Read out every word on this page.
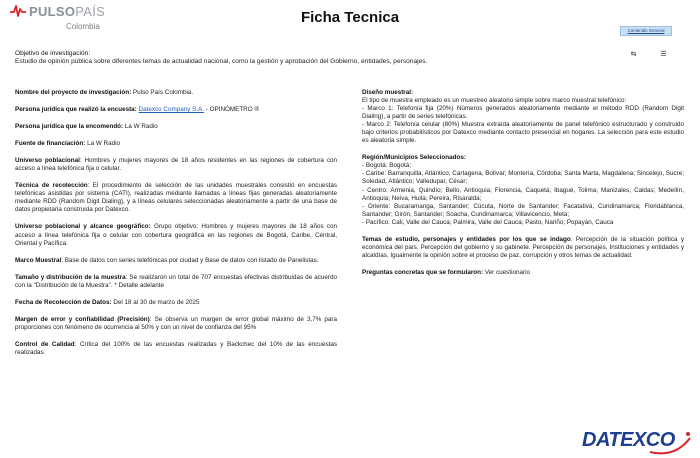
PULSOPAÍS
Colombia
Ficha Tecnica
Contenido General
⇆	☰
Objetivo de investigación:
Estudio de opinión pública sobre diferentes temas de actualidad nacional, como la gestión y aprobación del Gobierno, entidades, personajes.
Nombre del proyecto de investigación: Pulso País Colombia.
Persona jurídica que realizó la encuesta: Datexco Company S.A. - OPINÓMETRO ®
Persona jurídica que la encomendó: La W Radio
Fuente de financiación: La W Radio
Universo poblacional: Hombres y mujeres mayores de 18 años residentes en las regiones de cobertura con acceso a línea telefónica fija o celular.
Técnica de recolección: El procedimiento de selección de las unidades muestrales consistió en encuestas telefónicas asistidas por sistema (CATI), realizadas mediante llamadas a líneas fijas generadas aleatoriamente mediante RDD (Random Digit Dialing), y a líneas celulares seleccionadas aleatoriamente a partir de una base de datos propietaria construida por Datexco.
Universo poblacional y alcance geográfico: Grupo objetivo: Hombres y mujeres mayores de 18 años con acceso a línea telefónica fija o celular con cobertura geográfica en las regiones de Bogotá, Caribe, Central, Oriental y Pacífica.
Marco Muestral: Base de datos con series telefónicas por ciudad y Base de datos con listado de Panelistas.
Tamaño y distribución de la muestra: Se realizaron un total de 707 encuestas efectivas distribuidas de acuerdo con la "Distribución de la Muestra". * Detalle adelante
Fecha de Recolección de Datos: Del 18 al 30 de marzo de 2025
Margen de error y confiabilidad (Precisión): Se observa un margen de error global máximo de 3,7% para proporciones con fenómeno de ocurrencia al 50% y con un nivel de confianza del 95%
Control de Calidad: Crítica del 100% de las encuestas realizadas y Backchec del 10% de las encuestas realizadas.
Diseño muestral:
El tipo de muestra empleado es un muestreo aleatorio simple sobre marco muestral telefónico:
- Marco 1: Telefonía fija (20%) Números generados aleatoriamente mediante el método RDD (Random Digit Dialing), a partir de series telefónicas.
- Marco 2: Telefonía celular (80%) Muestra extraída aleatoriamente de panel telefónico estructurado y construido bajo criterios probabilísticos por Datexco mediante contacto presencial en hogares. La selección para este estudio es aleatoria simple.
Región/Municipios Seleccionados:
- Bogotá: Bogotá;
- Caribe: Barranquilla, Atlántico; Cartagena, Bolívar; Montería, Córdoba; Santa Marta, Magdalena; Sincelejo, Sucre; Soledad, Atlántico; Valledupar, César;
- Centro: Armenia, Quindío; Bello, Antioquia; Florencia, Caquetá; Ibagué, Tolima; Manizales, Caldas; Medellín, Antioquia; Neiva, Huila; Pereira, Risaralda;
- Oriente: Bucaramanga, Santander; Cúcuta, Norte de Santander; Facatativá, Cundinamarca; Floridablanca, Santander; Girón, Santander; Soacha, Cundinamarca; Villavicencio, Meta;
- Pacífico: Cali, Valle del Cauca; Palmira, Valle del Cauca; Pasto, Nariño; Popayán, Cauca
Temas de estudio, personajes y entidades por los que se indago: Percepción de la situación política y económica del país. Percepción del gobierno y su gabinete. Percepción de personajes, Instituciones y entidades y alcaldías. Igualmente la opinión sobre el proceso de paz, corrupción y otros temas de actualidad.
Preguntas concretas que se formularon: Ver cuestionario
DATEXCO
